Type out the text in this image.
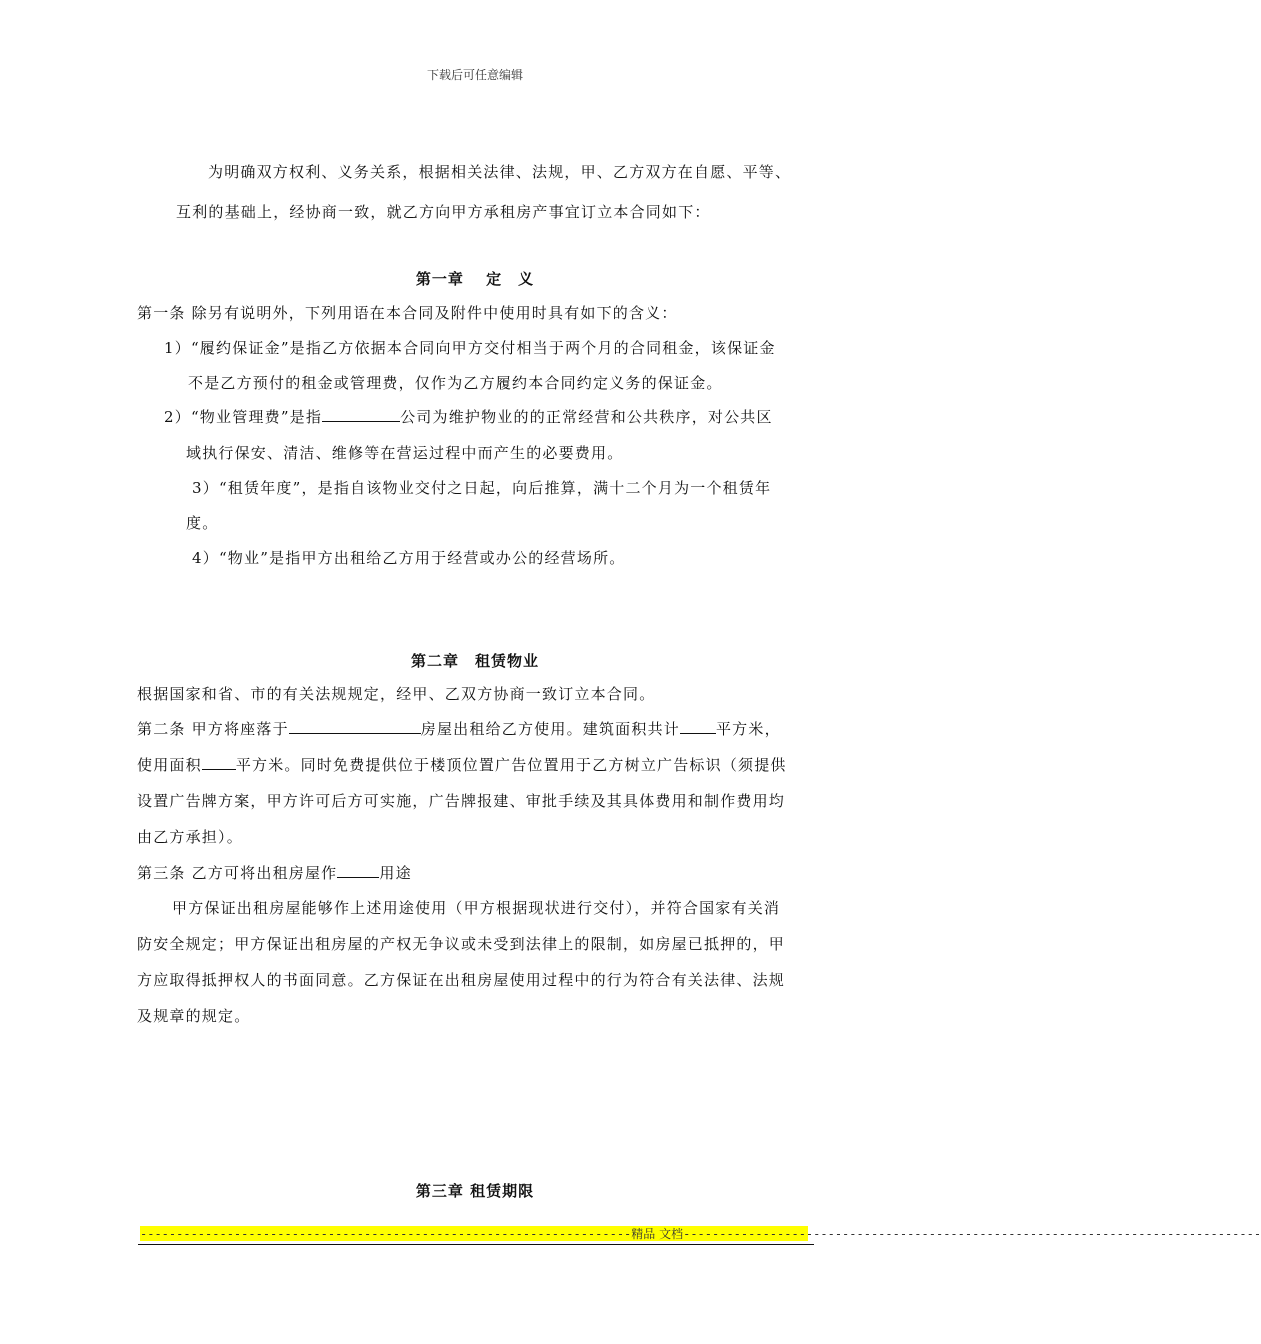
下载后可任意编辑
为明确双方权利、义务关系，根据相关法律、法规，甲、乙方双方在自愿、平等、
互利的基础上，经协商一致，就乙方向甲方承租房产事宜订立本合同如下：
第一章　 定　义
第一条 除另有说明外，下列用语在本合同及附件中使用时具有如下的含义：
1）“履约保证金”是指乙方依据本合同向甲方交付相当于两个月的合同租金，该保证金
不是乙方预付的租金或管理费，仅作为乙方履约本合同约定义务的保证金。
2）“物业管理费”是指	公司为维护物业的的正常经营和公共秩序，对公共区
域执行保安、清洁、维修等在营运过程中而产生的必要费用。
3）“租赁年度”，是指自该物业交付之日起，向后推算，满十二个月为一个租赁年
度。
4）“物业”是指甲方出租给乙方用于经营或办公的经营场所。
第二章　租赁物业
根据国家和省、市的有关法规规定，经甲、乙双方协商一致订立本合同。
第二条 甲方将座落于	房屋出租给乙方使用。建筑面积共计 平方米，
使用面积 平方米。同时免费提供位于楼顶位置广告位置用于乙方树立广告标识（须提供
设置广告牌方案，甲方许可后方可实施，广告牌报建、审批手续及其具体费用和制作费用均
由乙方承担）。
第三条 乙方可将出租房屋作	用途
甲方保证出租房屋能够作上述用途使用（甲方根据现状进行交付），并符合国家有关消
防安全规定；甲方保证出租房屋的产权无争议或未受到法律上的限制，如房屋已抵押的，甲
方应取得抵押权人的书面同意。乙方保证在出租房屋使用过程中的行为符合有关法律、法规
及规章的规定。
第三章 租赁期限
--------------------------------------------------------------------精品 文档--------------------------------------------------------------------------------
